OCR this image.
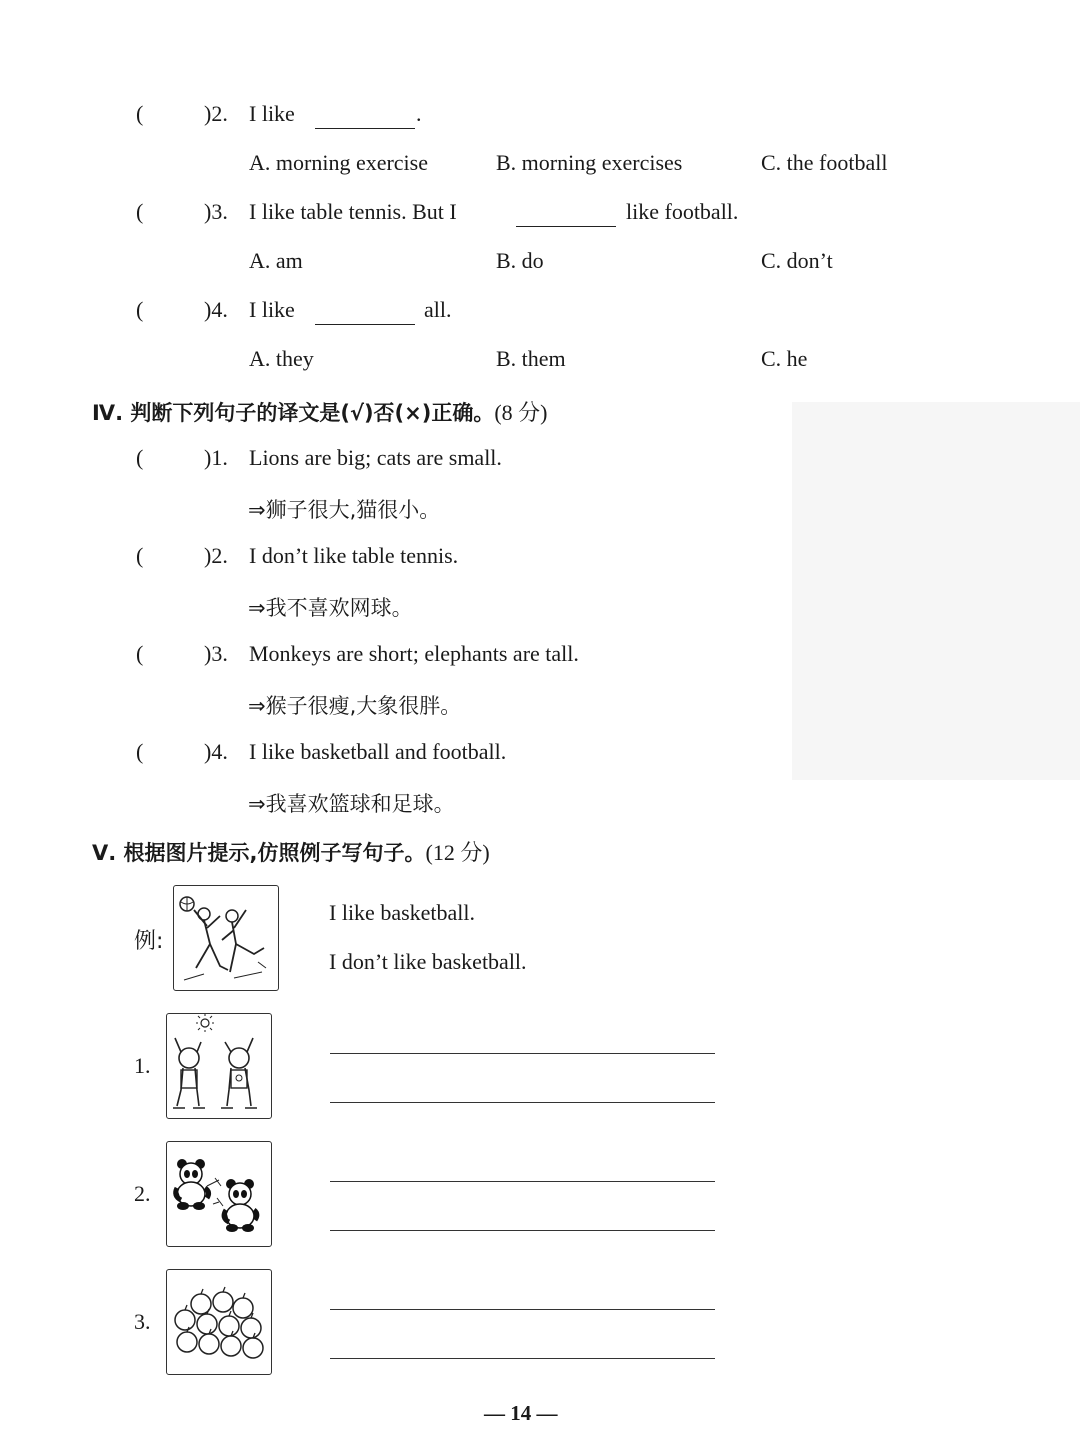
(	)2. I like	.
A. morning exercise	B. morning exercises	C. the football
(	)3. I like table tennis. But I	like football.
A. am	B. do	C. don’t
(	)4. I like	all.
A. they	B. them	C. he
Ⅳ. 判断下列句子的译文是(√)否(×)正确。(8 分)
(	)1. Lions are big; cats are small.
⇒狮子很大,猫很小。
(	)2. I don’t like table tennis.
⇒我不喜欢网球。
(	)3. Monkeys are short; elephants are tall.
⇒猴子很瘦,大象很胖。
(	)4. I like basketball and football.
⇒我喜欢篮球和足球。
Ⅴ. 根据图片提示,仿照例子写句子。(12 分)
例:
I like basketball.
I don’t like basketball.
1.
2.
3.
— 14 —
